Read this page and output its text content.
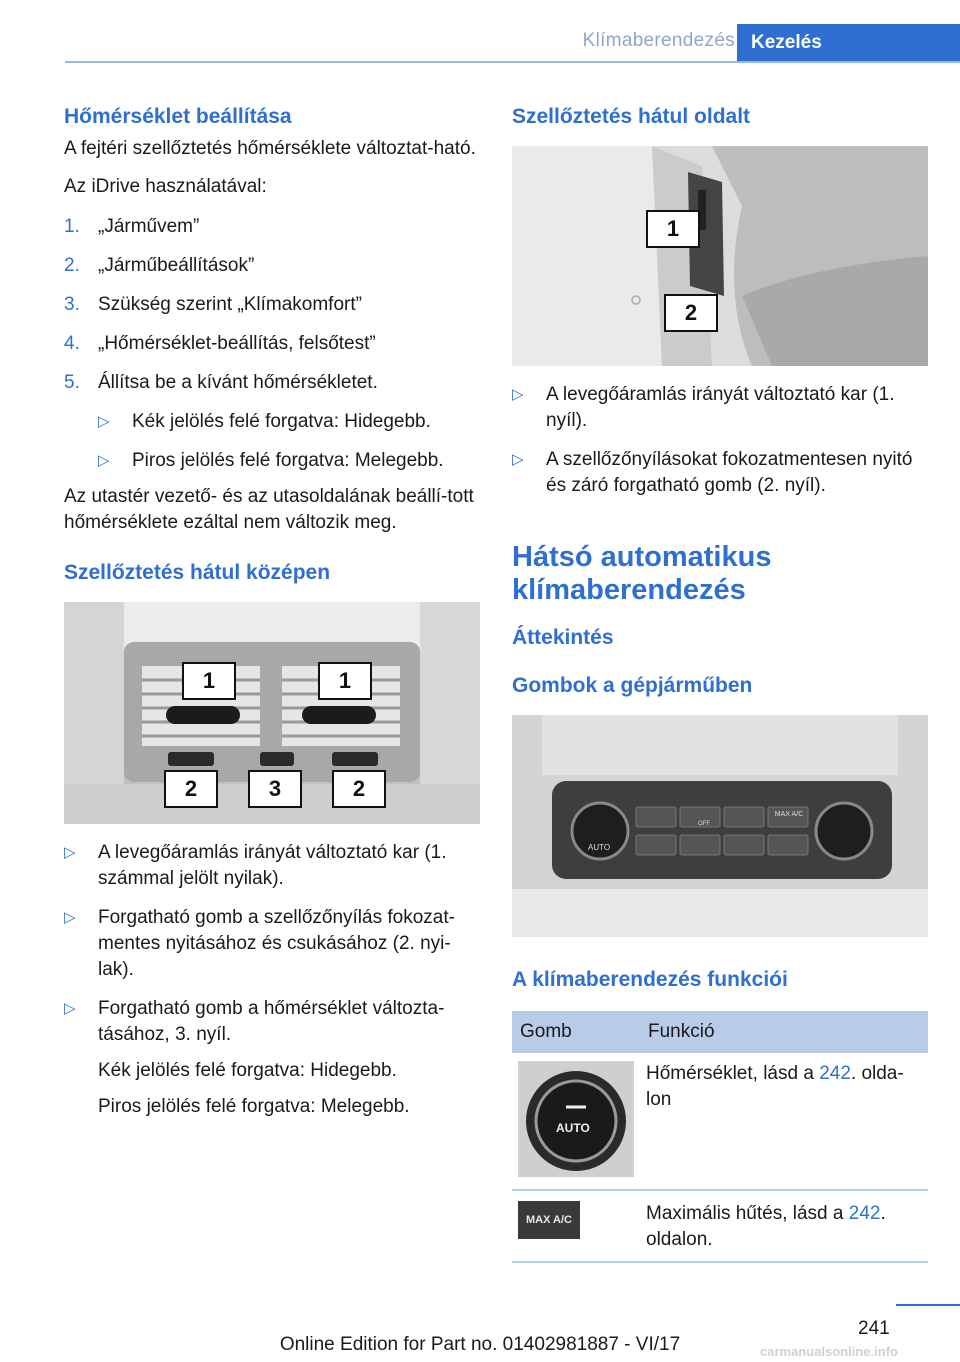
Klímaberendezés Kezelés
Hőmérséklet beállítása

A fejtéri szellőztetés hőmérséklete változtat-ható.

Az iDrive használatával:

1. „Járművem”
2. „Járműbeállítások”
3. Szükség szerint „Klímakomfort”
4. „Hőmérséklet-beállítás, felsőtest”
5. Állítsa be a kívánt hőmérsékletet.
▷ Kék jelölés felé forgatva: Hidegebb.
▷ Piros jelölés felé forgatva: Melegebb.

Az utastér vezető- és az utasoldalának beállí-tott hőmérséklete ezáltal nem változik meg.

Szellőztetés hátul középen
1	1
2	3	2
▷ A levegőáramlás irányát változtató kar (1. számmal jelölt nyilak).
▷ Forgatható gomb a szellőzőnyílás fokozat-mentes nyitásához és csukásához (2. nyi-lak).
▷ Forgatható gomb a hőmérséklet változta-tásához, 3. nyíl.
Kék jelölés felé forgatva: Hidegebb.
Piros jelölés felé forgatva: Melegebb.
Szellőztetés hátul oldalt
1
2
▷ A levegőáramlás irányát változtató kar (1. nyíl).
▷ A szellőzőnyílásokat fokozatmentesen nyitó és záró forgatható gomb (2. nyíl).
Hátsó automatikus klímaberendezés
Áttekintés
Gombok a gépjárműben
AUTO
OFF
MAX A/C
A klímaberendezés funkciói
Gomb	Funkció

AUTO	Hőmérséklet, lásd a 242. olda-lon

MAX A/C	Maximális hűtés, lásd a 242. oldalon.
241
Online Edition for Part no. 01402981887 - VI/17	carmanualsonline.info
